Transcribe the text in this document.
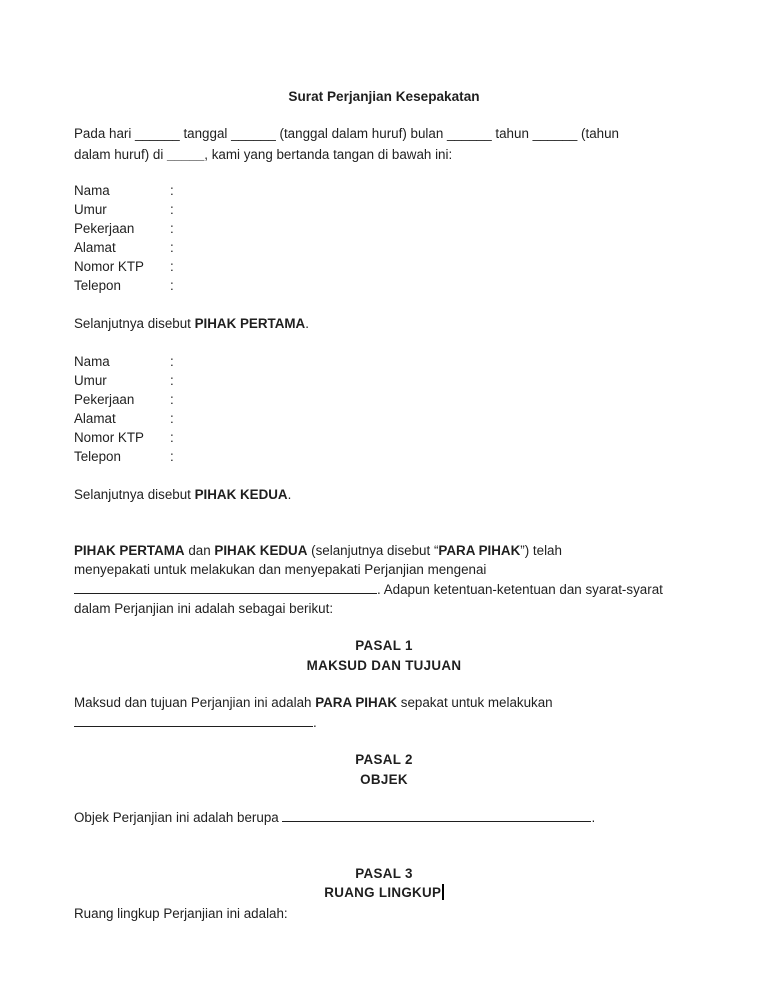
Surat Perjanjian Kesepakatan
Pada hari ______ tanggal ______ (tanggal dalam huruf) bulan ______ tahun ______ (tahun
dalam huruf) di _____, kami yang bertanda tangan di bawah ini:
Nama	:
Umur	:
Pekerjaan	:
Alamat	:
Nomor KTP :
Telepon	:
Selanjutnya disebut PIHAK PERTAMA.
Nama	:
Umur	:
Pekerjaan	:
Alamat	:
Nomor KTP :
Telepon	:
Selanjutnya disebut PIHAK KEDUA.
PIHAK PERTAMA dan PIHAK KEDUA (selanjutnya disebut “PARA PIHAK”) telah
menyepakati untuk melakukan dan menyepakati Perjanjian mengenai
. Adapun ketentuan-ketentuan dan syarat-syarat
dalam Perjanjian ini adalah sebagai berikut:
PASAL 1
MAKSUD DAN TUJUAN
Maksud dan tujuan Perjanjian ini adalah PARA PIHAK sepakat untuk melakukan
.
PASAL 2
OBJEK
Objek Perjanjian ini adalah berupa	.
PASAL 3
RUANG LINGKUP
Ruang lingkup Perjanjian ini adalah:
